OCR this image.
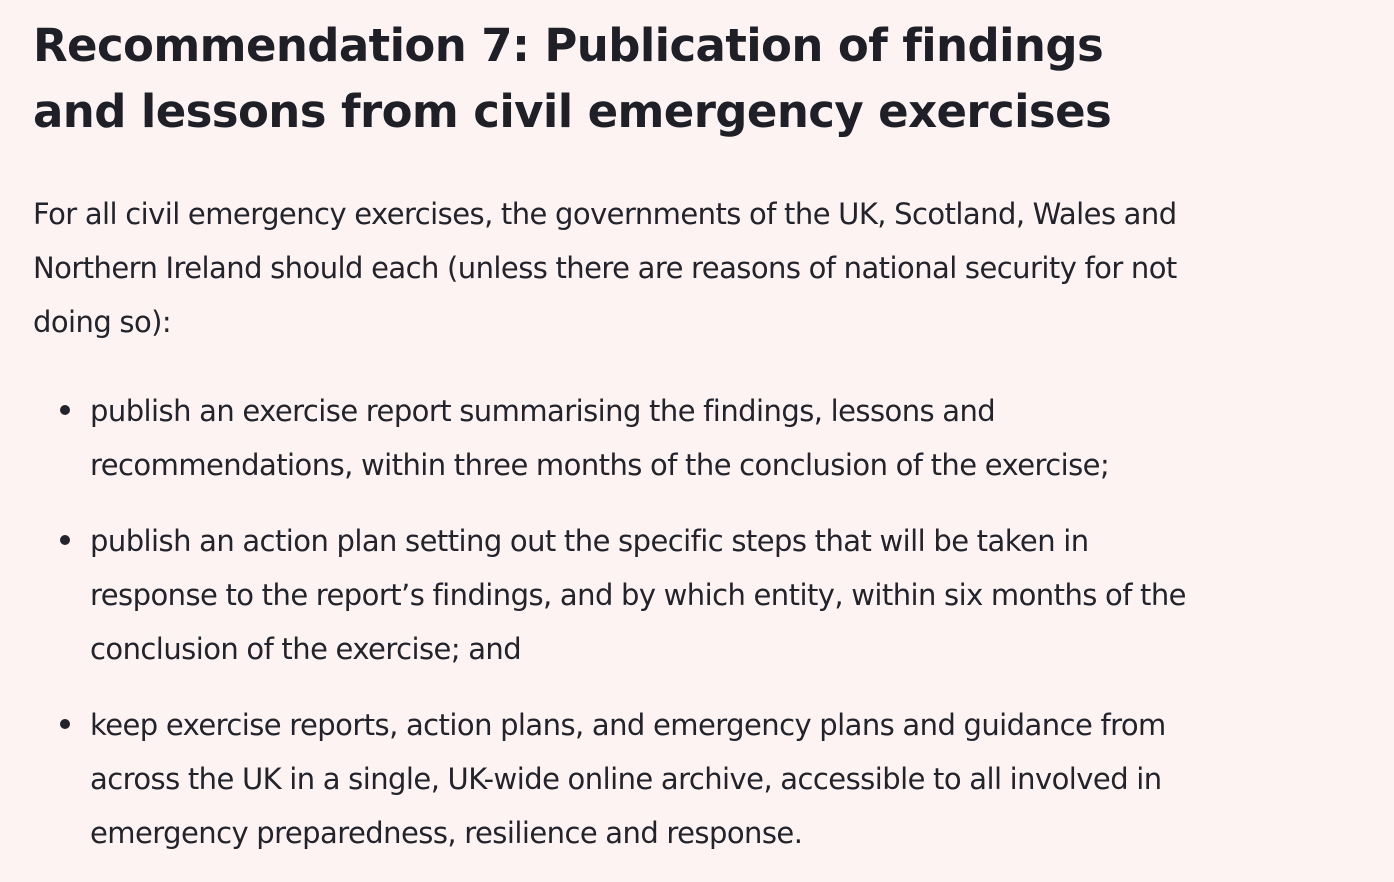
Recommendation 7: Publication of findings
and lessons from civil emergency exercises

For all civil emergency exercises, the governments of the UK, Scotland, Wales and
Northern Ireland should each (unless there are reasons of national security for not
doing so):

publish an exercise report summarising the findings, lessons and
recommendations, within three months of the conclusion of the exercise;
publish an action plan setting out the specific steps that will be taken in
response to the report’s findings, and by which entity, within six months of the
conclusion of the exercise; and
keep exercise reports, action plans, and emergency plans and guidance from
across the UK in a single, UK-wide online archive, accessible to all involved in
emergency preparedness, resilience and response.
